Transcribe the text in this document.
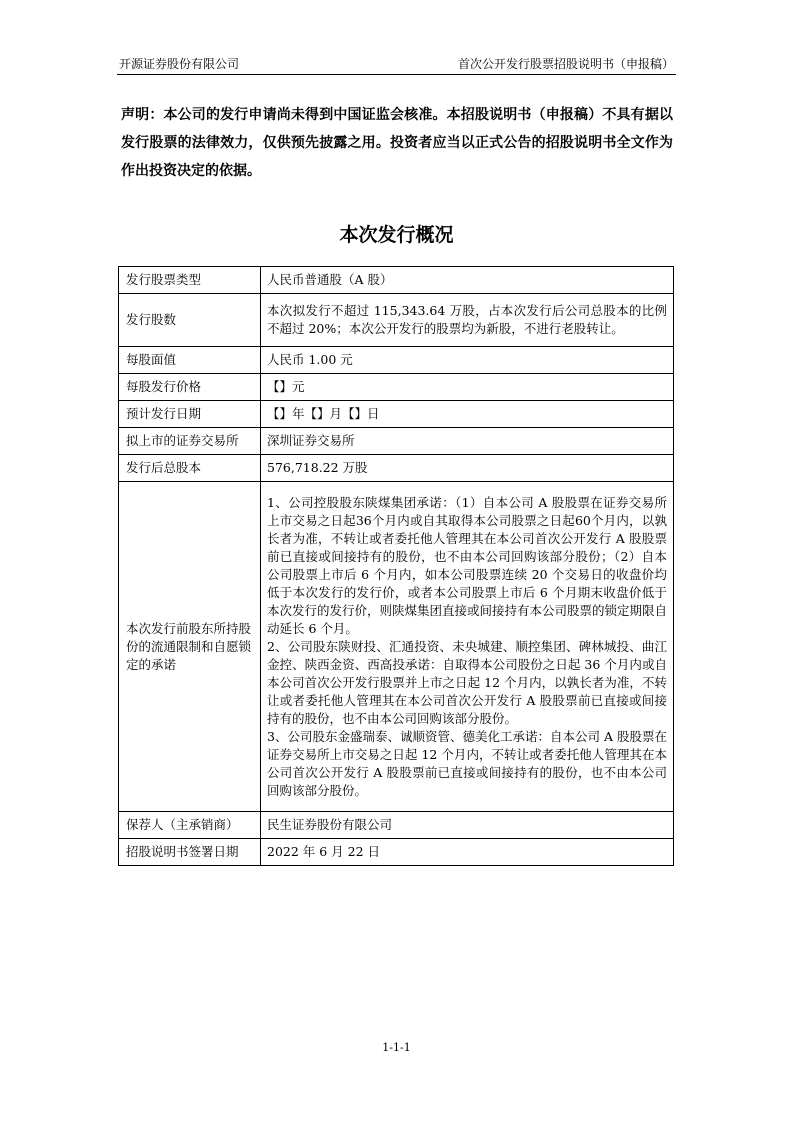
开源证券股份有限公司	首次公开发行股票招股说明书（申报稿）
声明：本公司的发行申请尚未得到中国证监会核准。本招股说明书（申报稿）不具有据以发行股票的法律效力，仅供预先披露之用。投资者应当以正式公告的招股说明书全文作为作出投资决定的依据。
本次发行概况
发行股票类型	人民币普通股（A 股）
发行股数	本次拟发行不超过 115,343.64 万股，占本次发行后公司总股本的比例不超过 20%；本次公开发行的股票均为新股，不进行老股转让。
每股面值	人民币 1.00 元
每股发行价格	【】元
预计发行日期	【】年【】月【】日
拟上市的证券交易所	深圳证券交易所
发行后总股本	576,718.22 万股
本次发行前股东所持股份的流通限制和自愿锁定的承诺	1、公司控股股东陕煤集团承诺：（1）自本公司 A 股股票在证券交易所上市交易之日起36个月内或自其取得本公司股票之日起60个月内，以孰长者为准，不转让或者委托他人管理其在本公司首次公开发行 A 股股票前已直接或间接持有的股份，也不由本公司回购该部分股份；（2）自本公司股票上市后 6 个月内，如本公司股票连续 20 个交易日的收盘价均低于本次发行的发行价，或者本公司股票上市后 6 个月期末收盘价低于本次发行的发行价，则陕煤集团直接或间接持有本公司股票的锁定期限自动延长 6 个月。

2、公司股东陕财投、汇通投资、未央城建、顺控集团、碑林城投、曲江金控、陕西金资、西高投承诺：自取得本公司股份之日起 36 个月内或自本公司首次公开发行股票并上市之日起 12 个月内，以孰长者为准，不转让或者委托他人管理其在本公司首次公开发行 A 股股票前已直接或间接持有的股份，也不由本公司回购该部分股份。

3、公司股东金盛瑞泰、诚顺资管、德美化工承诺：自本公司 A 股股票在证券交易所上市交易之日起 12 个月内，不转让或者委托他人管理其在本公司首次公开发行 A 股股票前已直接或间接持有的股份，也不由本公司回购该部分股份。

保荐人（主承销商）	民生证券股份有限公司
招股说明书签署日期	2022 年 6 月 22 日
1-1-1
